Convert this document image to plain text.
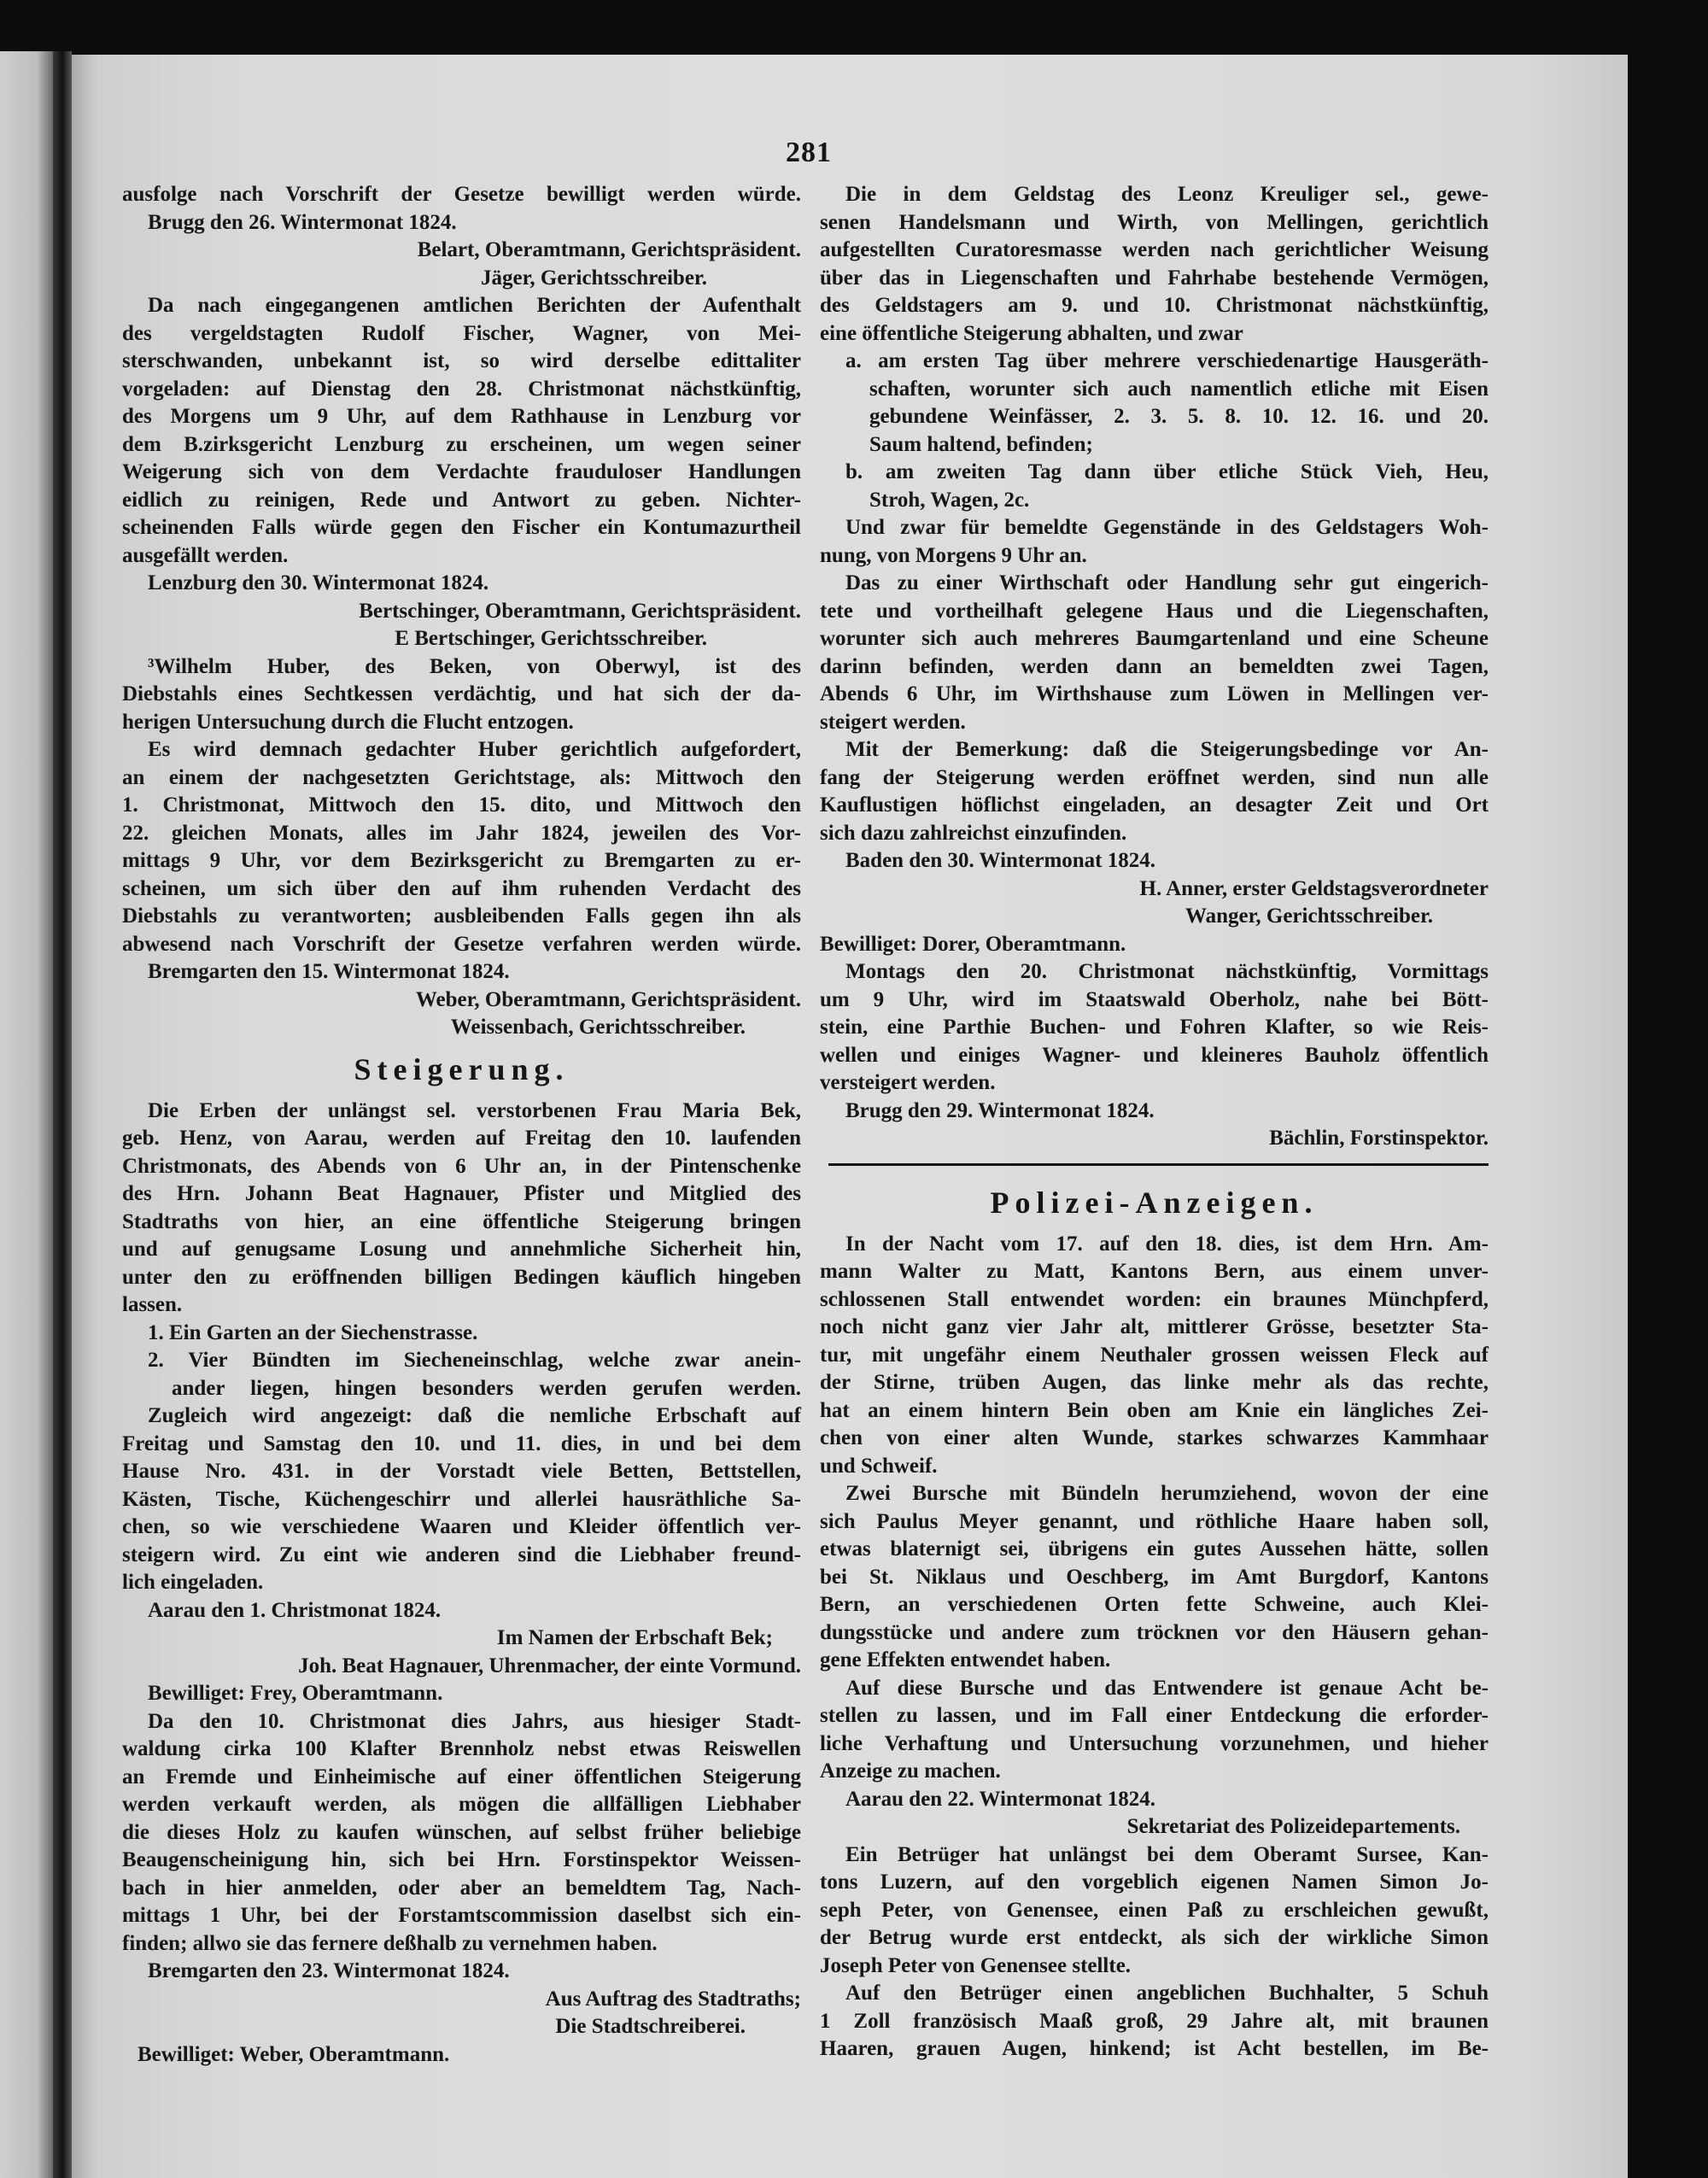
281
ausfolge nach Vorschrift der Gesetze bewilligt werden würde.
Brugg den 26. Wintermonat 1824.
Belart, Oberamtmann, Gerichtspräsident.
Jäger, Gerichtsschreiber.
Da nach eingegangenen amtlichen Berichten der Aufenthalt
des vergeldstagten Rudolf Fischer, Wagner, von Mei-
sterschwanden, unbekannt ist, so wird derselbe edittaliter
vorgeladen: auf Dienstag den 28. Christmonat nächstkünftig,
des Morgens um 9 Uhr, auf dem Rathhause in Lenzburg vor
dem B.zirksgericht Lenzburg zu erscheinen, um wegen seiner
Weigerung sich von dem Verdachte frauduloser Handlungen
eidlich zu reinigen, Rede und Antwort zu geben. Nichter-
scheinenden Falls würde gegen den Fischer ein Kontumazurtheil
ausgefällt werden.
Lenzburg den 30. Wintermonat 1824.
Bertschinger, Oberamtmann, Gerichtspräsident.
E Bertschinger, Gerichtsschreiber.
³Wilhelm Huber, des Beken, von Oberwyl, ist des
Diebstahls eines Sechtkessen verdächtig, und hat sich der da-
herigen Untersuchung durch die Flucht entzogen.
Es wird demnach gedachter Huber gerichtlich aufgefordert,
an einem der nachgesetzten Gerichtstage, als: Mittwoch den
1. Christmonat, Mittwoch den 15. dito, und Mittwoch den
22. gleichen Monats, alles im Jahr 1824, jeweilen des Vor-
mittags 9 Uhr, vor dem Bezirksgericht zu Bremgarten zu er-
scheinen, um sich über den auf ihm ruhenden Verdacht des
Diebstahls zu verantworten; ausbleibenden Falls gegen ihn als
abwesend nach Vorschrift der Gesetze verfahren werden würde.
Bremgarten den 15. Wintermonat 1824.
Weber, Oberamtmann, Gerichtspräsident.
Weissenbach, Gerichtsschreiber.
Steigerung.
Die Erben der unlängst sel. verstorbenen Frau Maria Bek,
geb. Henz, von Aarau, werden auf Freitag den 10. laufenden
Christmonats, des Abends von 6 Uhr an, in der Pintenschenke
des Hrn. Johann Beat Hagnauer, Pfister und Mitglied des
Stadtraths von hier, an eine öffentliche Steigerung bringen
und auf genugsame Losung und annehmliche Sicherheit hin,
unter den zu eröffnenden billigen Bedingen käuflich hingeben
lassen.
1. Ein Garten an der Siechenstrasse.
2. Vier Bündten im Siecheneinschlag, welche zwar anein-
ander liegen, hingen besonders werden gerufen werden.
Zugleich wird angezeigt: daß die nemliche Erbschaft auf
Freitag und Samstag den 10. und 11. dies, in und bei dem
Hause Nro. 431. in der Vorstadt viele Betten, Bettstellen,
Kästen, Tische, Küchengeschirr und allerlei hausräthliche Sa-
chen, so wie verschiedene Waaren und Kleider öffentlich ver-
steigern wird. Zu eint wie anderen sind die Liebhaber freund-
lich eingeladen.
Aarau den 1. Christmonat 1824.
Im Namen der Erbschaft Bek;
Joh. Beat Hagnauer, Uhrenmacher, der einte Vormund.
Bewilliget: Frey, Oberamtmann.
Da den 10. Christmonat dies Jahrs, aus hiesiger Stadt-
waldung cirka 100 Klafter Brennholz nebst etwas Reiswellen
an Fremde und Einheimische auf einer öffentlichen Steigerung
werden verkauft werden, als mögen die allfälligen Liebhaber
die dieses Holz zu kaufen wünschen, auf selbst früher beliebige
Beaugenscheinigung hin, sich bei Hrn. Forstinspektor Weissen-
bach in hier anmelden, oder aber an bemeldtem Tag, Nach-
mittags 1 Uhr, bei der Forstamtscommission daselbst sich ein-
finden; allwo sie das fernere deßhalb zu vernehmen haben.
Bremgarten den 23. Wintermonat 1824.
Aus Auftrag des Stadtraths;
Die Stadtschreiberei.
Bewilliget: Weber, Oberamtmann.
Die in dem Geldstag des Leonz Kreuliger sel., gewe-
senen Handelsmann und Wirth, von Mellingen, gerichtlich
aufgestellten Curatoresmasse werden nach gerichtlicher Weisung
über das in Liegenschaften und Fahrhabe bestehende Vermögen,
des Geldstagers am 9. und 10. Christmonat nächstkünftig,
eine öffentliche Steigerung abhalten, und zwar
a. am ersten Tag über mehrere verschiedenartige Hausgeräth-
schaften, worunter sich auch namentlich etliche mit Eisen
gebundene Weinfässer, 2. 3. 5. 8. 10. 12. 16. und 20.
Saum haltend, befinden;
b. am zweiten Tag dann über etliche Stück Vieh, Heu,
Stroh, Wagen, 2c.
Und zwar für bemeldte Gegenstände in des Geldstagers Woh-
nung, von Morgens 9 Uhr an.
Das zu einer Wirthschaft oder Handlung sehr gut eingerich-
tete und vortheilhaft gelegene Haus und die Liegenschaften,
worunter sich auch mehreres Baumgartenland und eine Scheune
darinn befinden, werden dann an bemeldten zwei Tagen,
Abends 6 Uhr, im Wirthshause zum Löwen in Mellingen ver-
steigert werden.
Mit der Bemerkung: daß die Steigerungsbedinge vor An-
fang der Steigerung werden eröffnet werden, sind nun alle
Kauflustigen höflichst eingeladen, an desagter Zeit und Ort
sich dazu zahlreichst einzufinden.
Baden den 30. Wintermonat 1824.
H. Anner, erster Geldstagsverordneter
Wanger, Gerichtsschreiber.
Bewilliget: Dorer, Oberamtmann.
Montags den 20. Christmonat nächstkünftig, Vormittags
um 9 Uhr, wird im Staatswald Oberholz, nahe bei Bött-
stein, eine Parthie Buchen- und Fohren Klafter, so wie Reis-
wellen und einiges Wagner- und kleineres Bauholz öffentlich
versteigert werden.
Brugg den 29. Wintermonat 1824.
Bächlin, Forstinspektor.
Polizei-Anzeigen.
In der Nacht vom 17. auf den 18. dies, ist dem Hrn. Am-
mann Walter zu Matt, Kantons Bern, aus einem unver-
schlossenen Stall entwendet worden: ein braunes Münchpferd,
noch nicht ganz vier Jahr alt, mittlerer Grösse, besetzter Sta-
tur, mit ungefähr einem Neuthaler grossen weissen Fleck auf
der Stirne, trüben Augen, das linke mehr als das rechte,
hat an einem hintern Bein oben am Knie ein längliches Zei-
chen von einer alten Wunde, starkes schwarzes Kammhaar
und Schweif.
Zwei Bursche mit Bündeln herumziehend, wovon der eine
sich Paulus Meyer genannt, und röthliche Haare haben soll,
etwas blaternigt sei, übrigens ein gutes Aussehen hätte, sollen
bei St. Niklaus und Oeschberg, im Amt Burgdorf, Kantons
Bern, an verschiedenen Orten fette Schweine, auch Klei-
dungsstücke und andere zum tröcknen vor den Häusern gehan-
gene Effekten entwendet haben.
Auf diese Bursche und das Entwendere ist genaue Acht be-
stellen zu lassen, und im Fall einer Entdeckung die erforder-
liche Verhaftung und Untersuchung vorzunehmen, und hieher
Anzeige zu machen.
Aarau den 22. Wintermonat 1824.
Sekretariat des Polizeidepartements.
Ein Betrüger hat unlängst bei dem Oberamt Sursee, Kan-
tons Luzern, auf den vorgeblich eigenen Namen Simon Jo-
seph Peter, von Genensee, einen Paß zu erschleichen gewußt,
der Betrug wurde erst entdeckt, als sich der wirkliche Simon
Joseph Peter von Genensee stellte.
Auf den Betrüger einen angeblichen Buchhalter, 5 Schuh
1 Zoll französisch Maaß groß, 29 Jahre alt, mit braunen
Haaren, grauen Augen, hinkend; ist Acht bestellen, im Be-
